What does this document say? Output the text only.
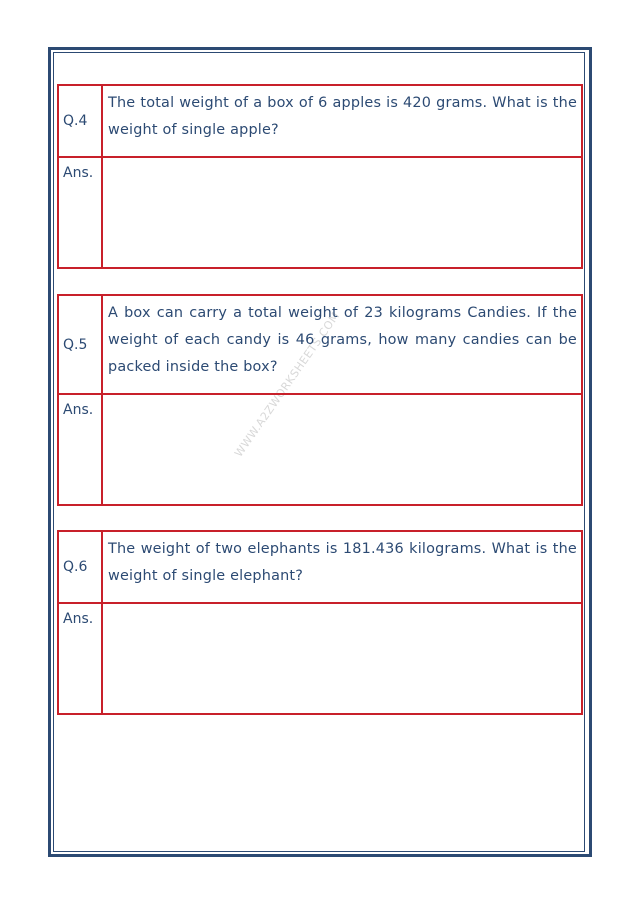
WWW.A2ZWORKSHEETS.COM
Q.4
The total weight of a box of 6 apples is 420 grams. What is the weight of single apple?
Ans.
Q.5
A box can carry a total weight of 23 kilograms Candies. If the weight of each candy is 46 grams, how many candies can be packed inside the box?
Ans.
Q.6
The weight of two elephants is 181.436 kilograms. What is the weight of single elephant?
Ans.
